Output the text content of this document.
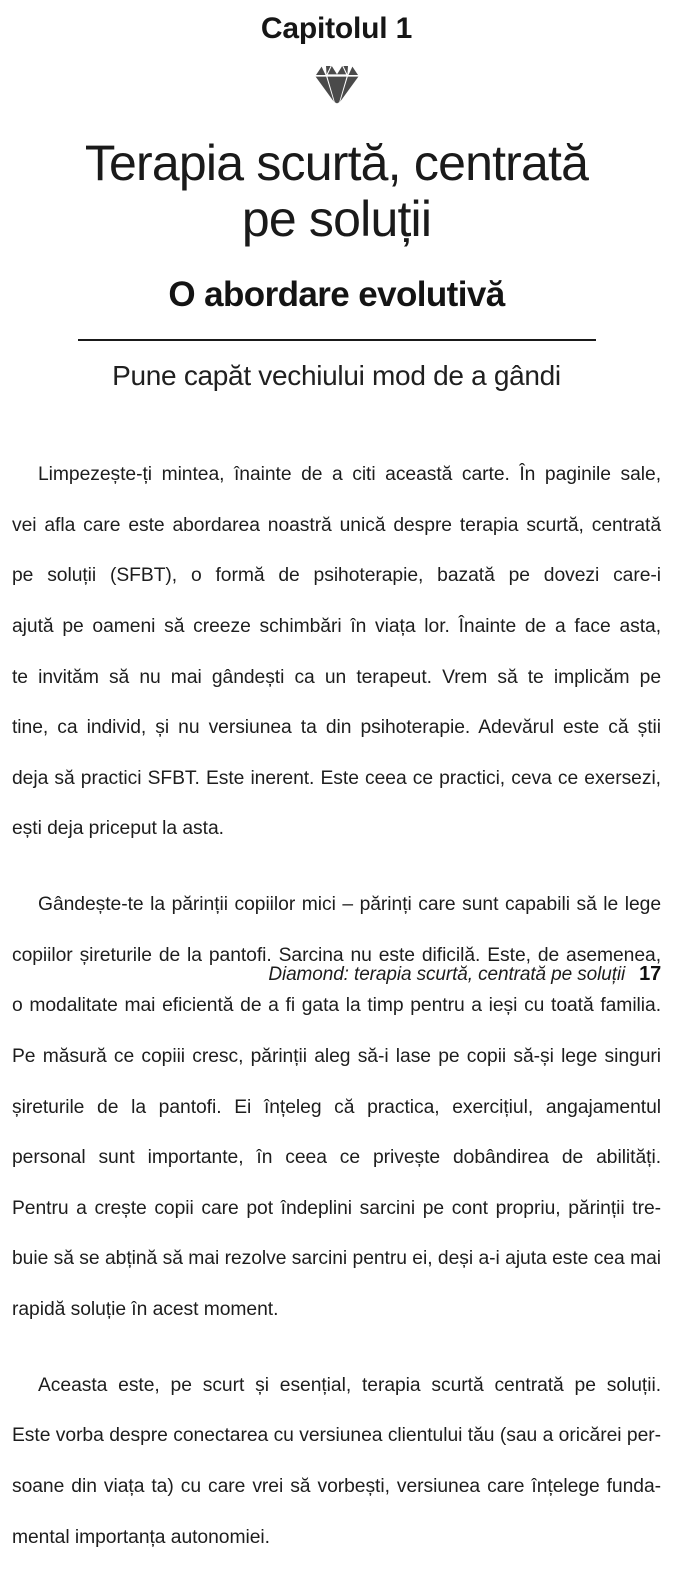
Capitolul 1
Terapia scurtă, centrată
pe soluții
O abordare evolutivă
Pune capăt vechiului mod de a gândi

Limpezește-ți mintea, înainte de a citi această carte. În paginile sale,

vei afla care este abordarea noastră unică despre terapia scurtă, centrată

pe soluții (SFBT), o formă de psihoterapie, bazată pe dovezi care-i

ajută pe oameni să creeze schimbări în viața lor. Înainte de a face asta,

te invităm să nu mai gândești ca un terapeut. Vrem să te implicăm pe

tine, ca individ, și nu versiunea ta din psihoterapie. Adevărul este că știi

deja să practici SFBT. Este inerent. Este ceea ce practici, ceva ce exersezi,

ești deja priceput la asta.

Gândește-te la părinții copiilor mici – părinți care sunt capabili să le lege

copiilor șireturile de la pantofi. Sarcina nu este dificilă. Este, de asemenea,

o modalitate mai eficientă de a fi gata la timp pentru a ieși cu toată familia.

Pe măsură ce copiii cresc, părinții aleg să-i lase pe copii să-și lege singuri

șireturile de la pantofi. Ei înțeleg că practica, exercițiul, angajamentul

personal sunt importante, în ceea ce privește dobândirea de abilități.

Pentru a crește copii care pot îndeplini sarcini pe cont propriu, părinții tre-

buie să se abțină să mai rezolve sarcini pentru ei, deși a-i ajuta este cea mai

rapidă soluție în acest moment.

Aceasta este, pe scurt și esențial, terapia scurtă centrată pe soluții.

Este vorba despre conectarea cu versiunea clientului tău (sau a oricărei per-

soane din viața ta) cu care vrei să vorbești, versiunea care înțelege funda-

mental importanța autonomiei.

Diamond: terapia scurtă, centrată pe soluții 17
